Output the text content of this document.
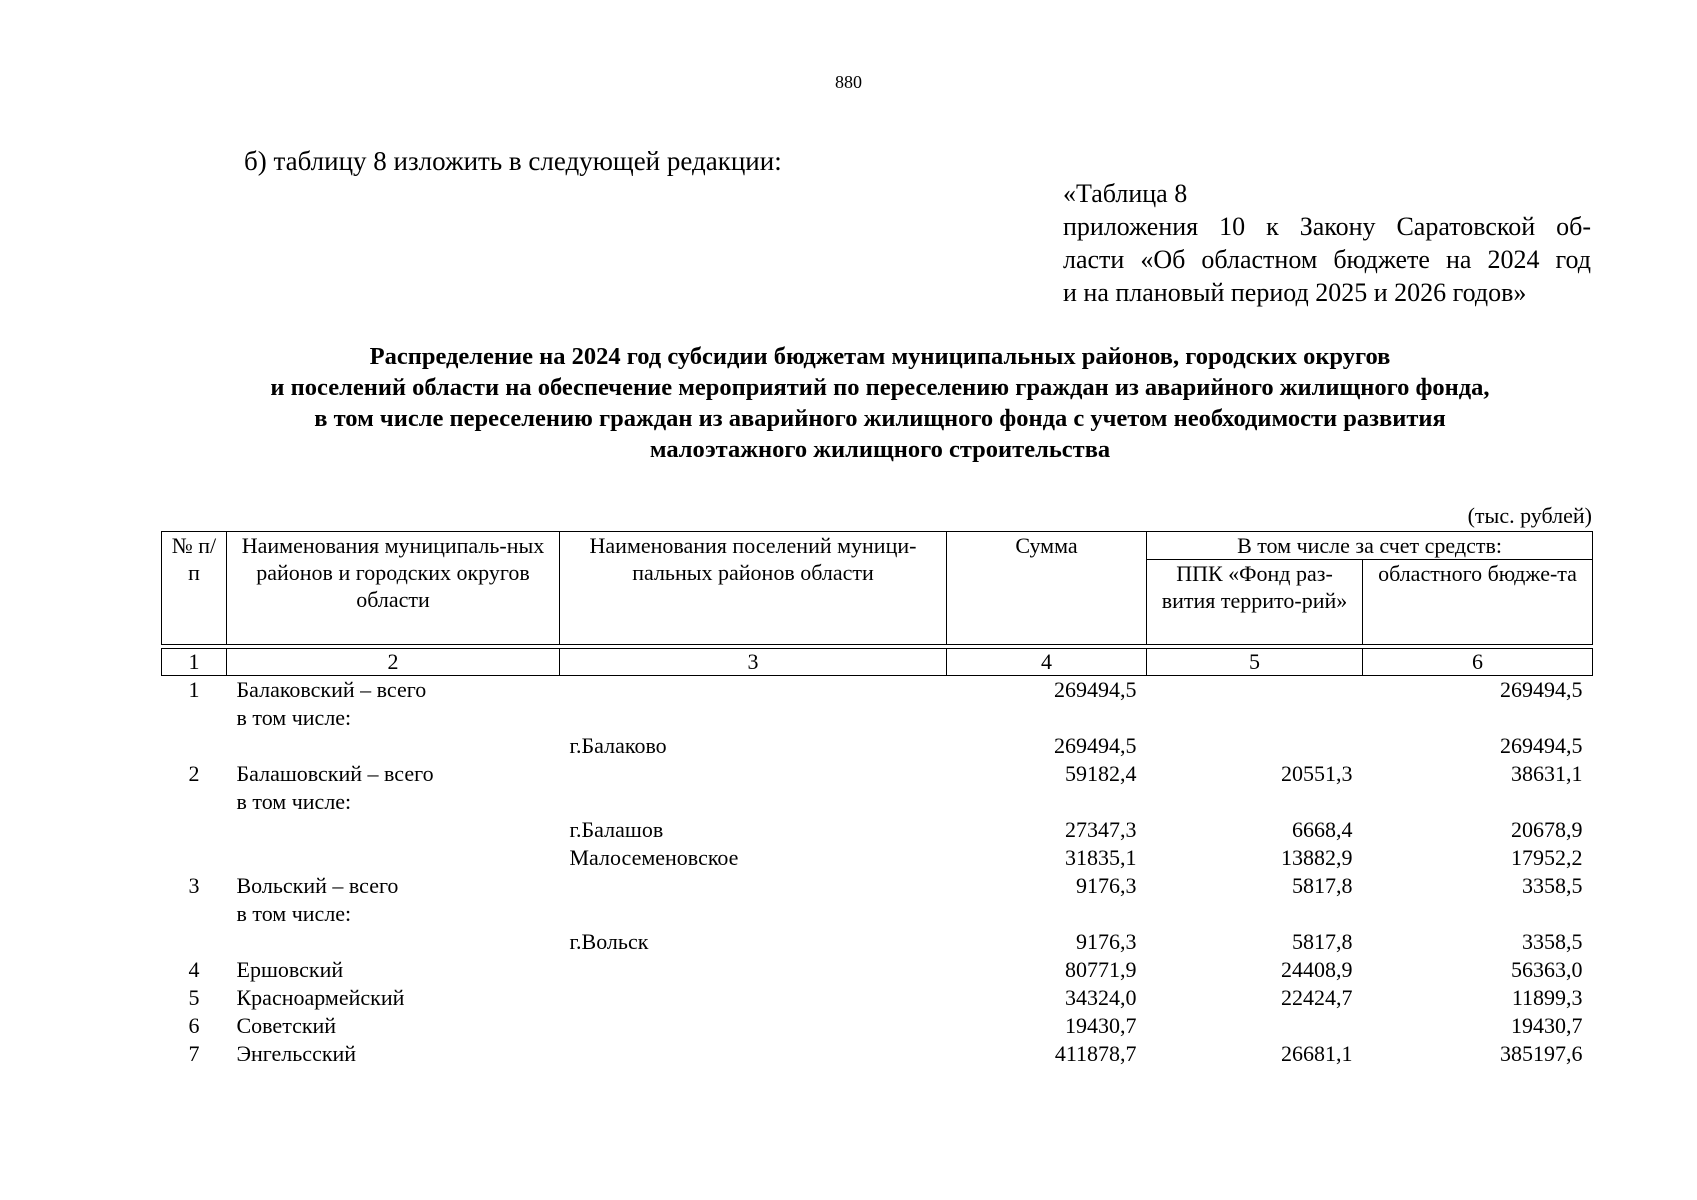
880
б) таблицу 8 изложить в следующей редакции:
«Таблица 8
приложения 10 к Закону Саратовской об-
ласти «Об областном бюджете на 2024 год
и на плановый период 2025 и 2026 годов»
Распределение на 2024 год субсидии бюджетам муниципальных районов, городских округов
и поселений области на обеспечение мероприятий по переселению граждан из аварийного жилищного фонда,
в том числе переселению граждан из аварийного жилищного фонда с учетом необходимости развития
малоэтажного жилищного строительства
(тыс. рублей)
№ п/п	Наименования муниципаль-ных районов и городских округов области	Наименования поселений муници-пальных районов области	Сумма	В том числе за счет средств:	
				ППК «Фонд раз-вития террито-рий»	областного бюдже-та

1	2	3	4	5	6
1	Балаковский – всего		269494,5		269494,5
	в том числе:				
		г.Балаково	269494,5		269494,5
2	Балашовский – всего		59182,4	20551,3	38631,1
	в том числе:				
		г.Балашов	27347,3	6668,4	20678,9
		Малосеменовское	31835,1	13882,9	17952,2
3	Вольский – всего		9176,3	5817,8	3358,5
	в том числе:				
		г.Вольск	9176,3	5817,8	3358,5
4	Ершовский		80771,9	24408,9	56363,0
5	Красноармейский		34324,0	22424,7	11899,3
6	Советский		19430,7		19430,7
7	Энгельсский		411878,7	26681,1	385197,6
